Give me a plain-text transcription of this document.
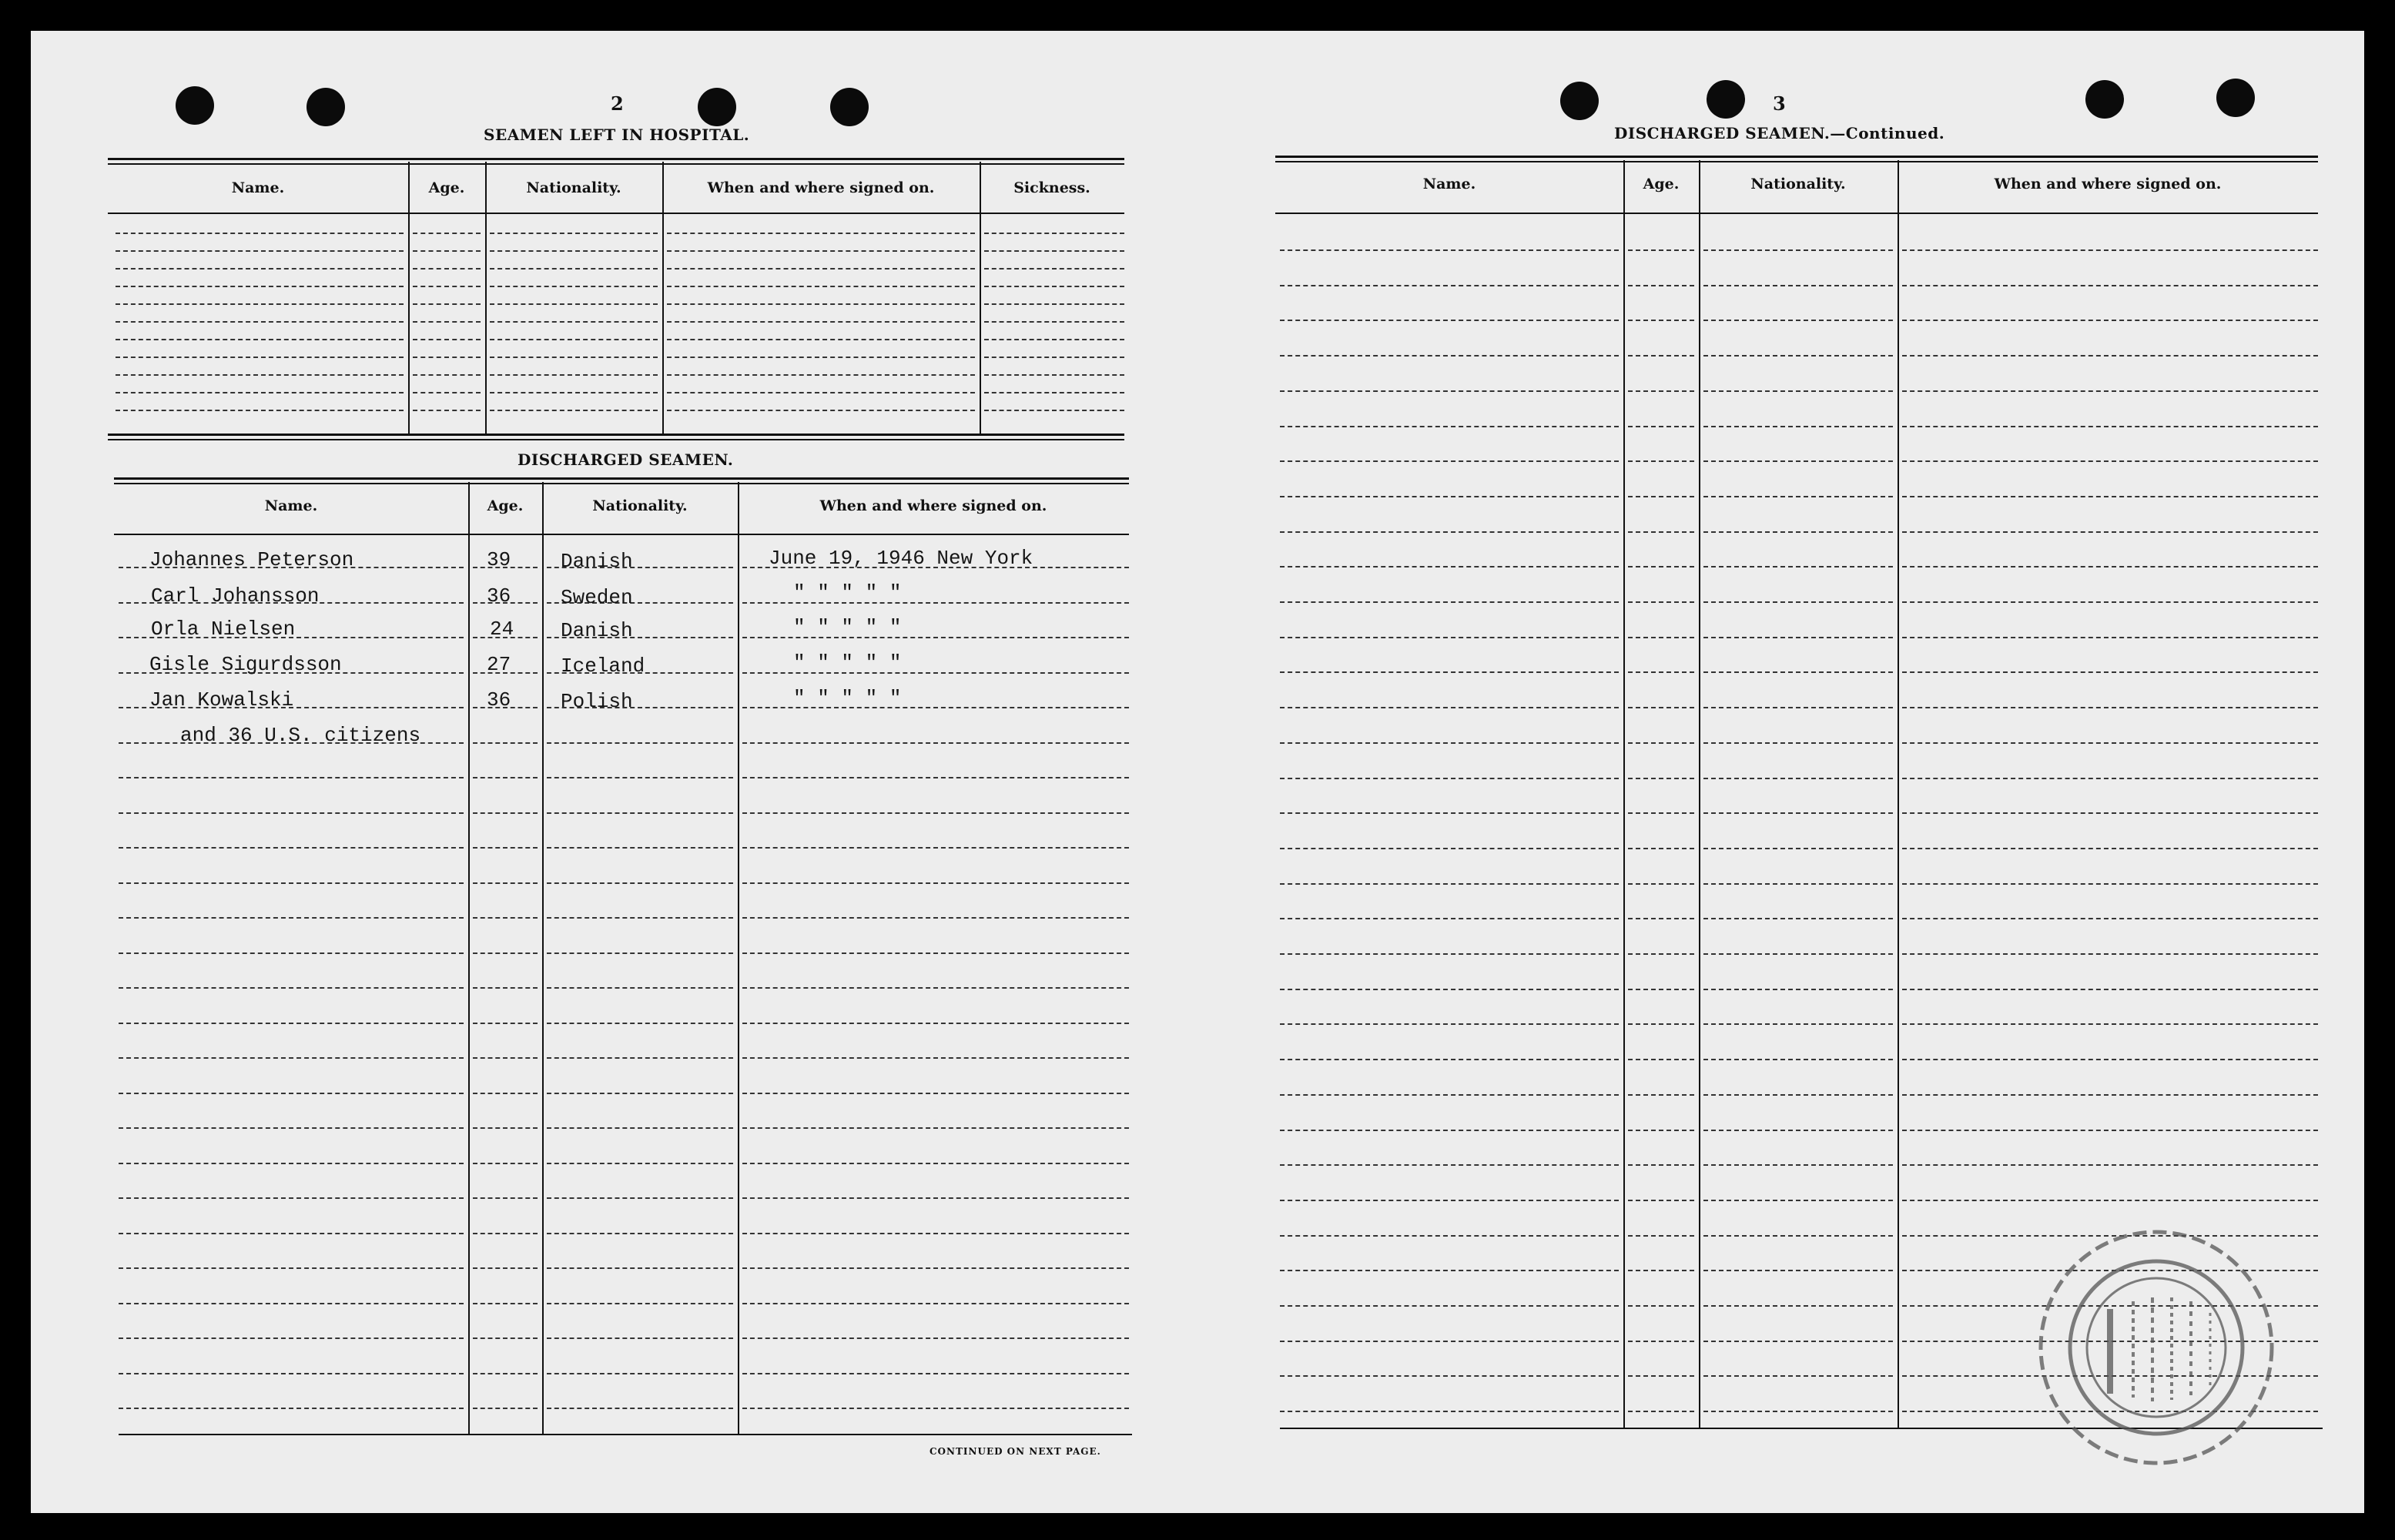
2
SEAMEN LEFT IN HOSPITAL.
Name.	Age.	Nationality.	When and where signed on.	Sickness.
DISCHARGED SEAMEN.
Name.	Age.	Nationality.	When and where signed on.
Johannes Peterson	39 Danish	June 19, 1946 New York
Carl Johansson	36 Sweden	" " " " "
Orla Nielsen	24 Danish	" " " " "
Gisle Sigurdsson	27 Iceland	" " " " "
Jan Kowalski	36 Polish	" " " " "
and 36 U.S. citizens
CONTINUED ON NEXT PAGE.
3
DISCHARGED SEAMEN.—Continued.
Name.	Age.	Nationality.	When and where signed on.
